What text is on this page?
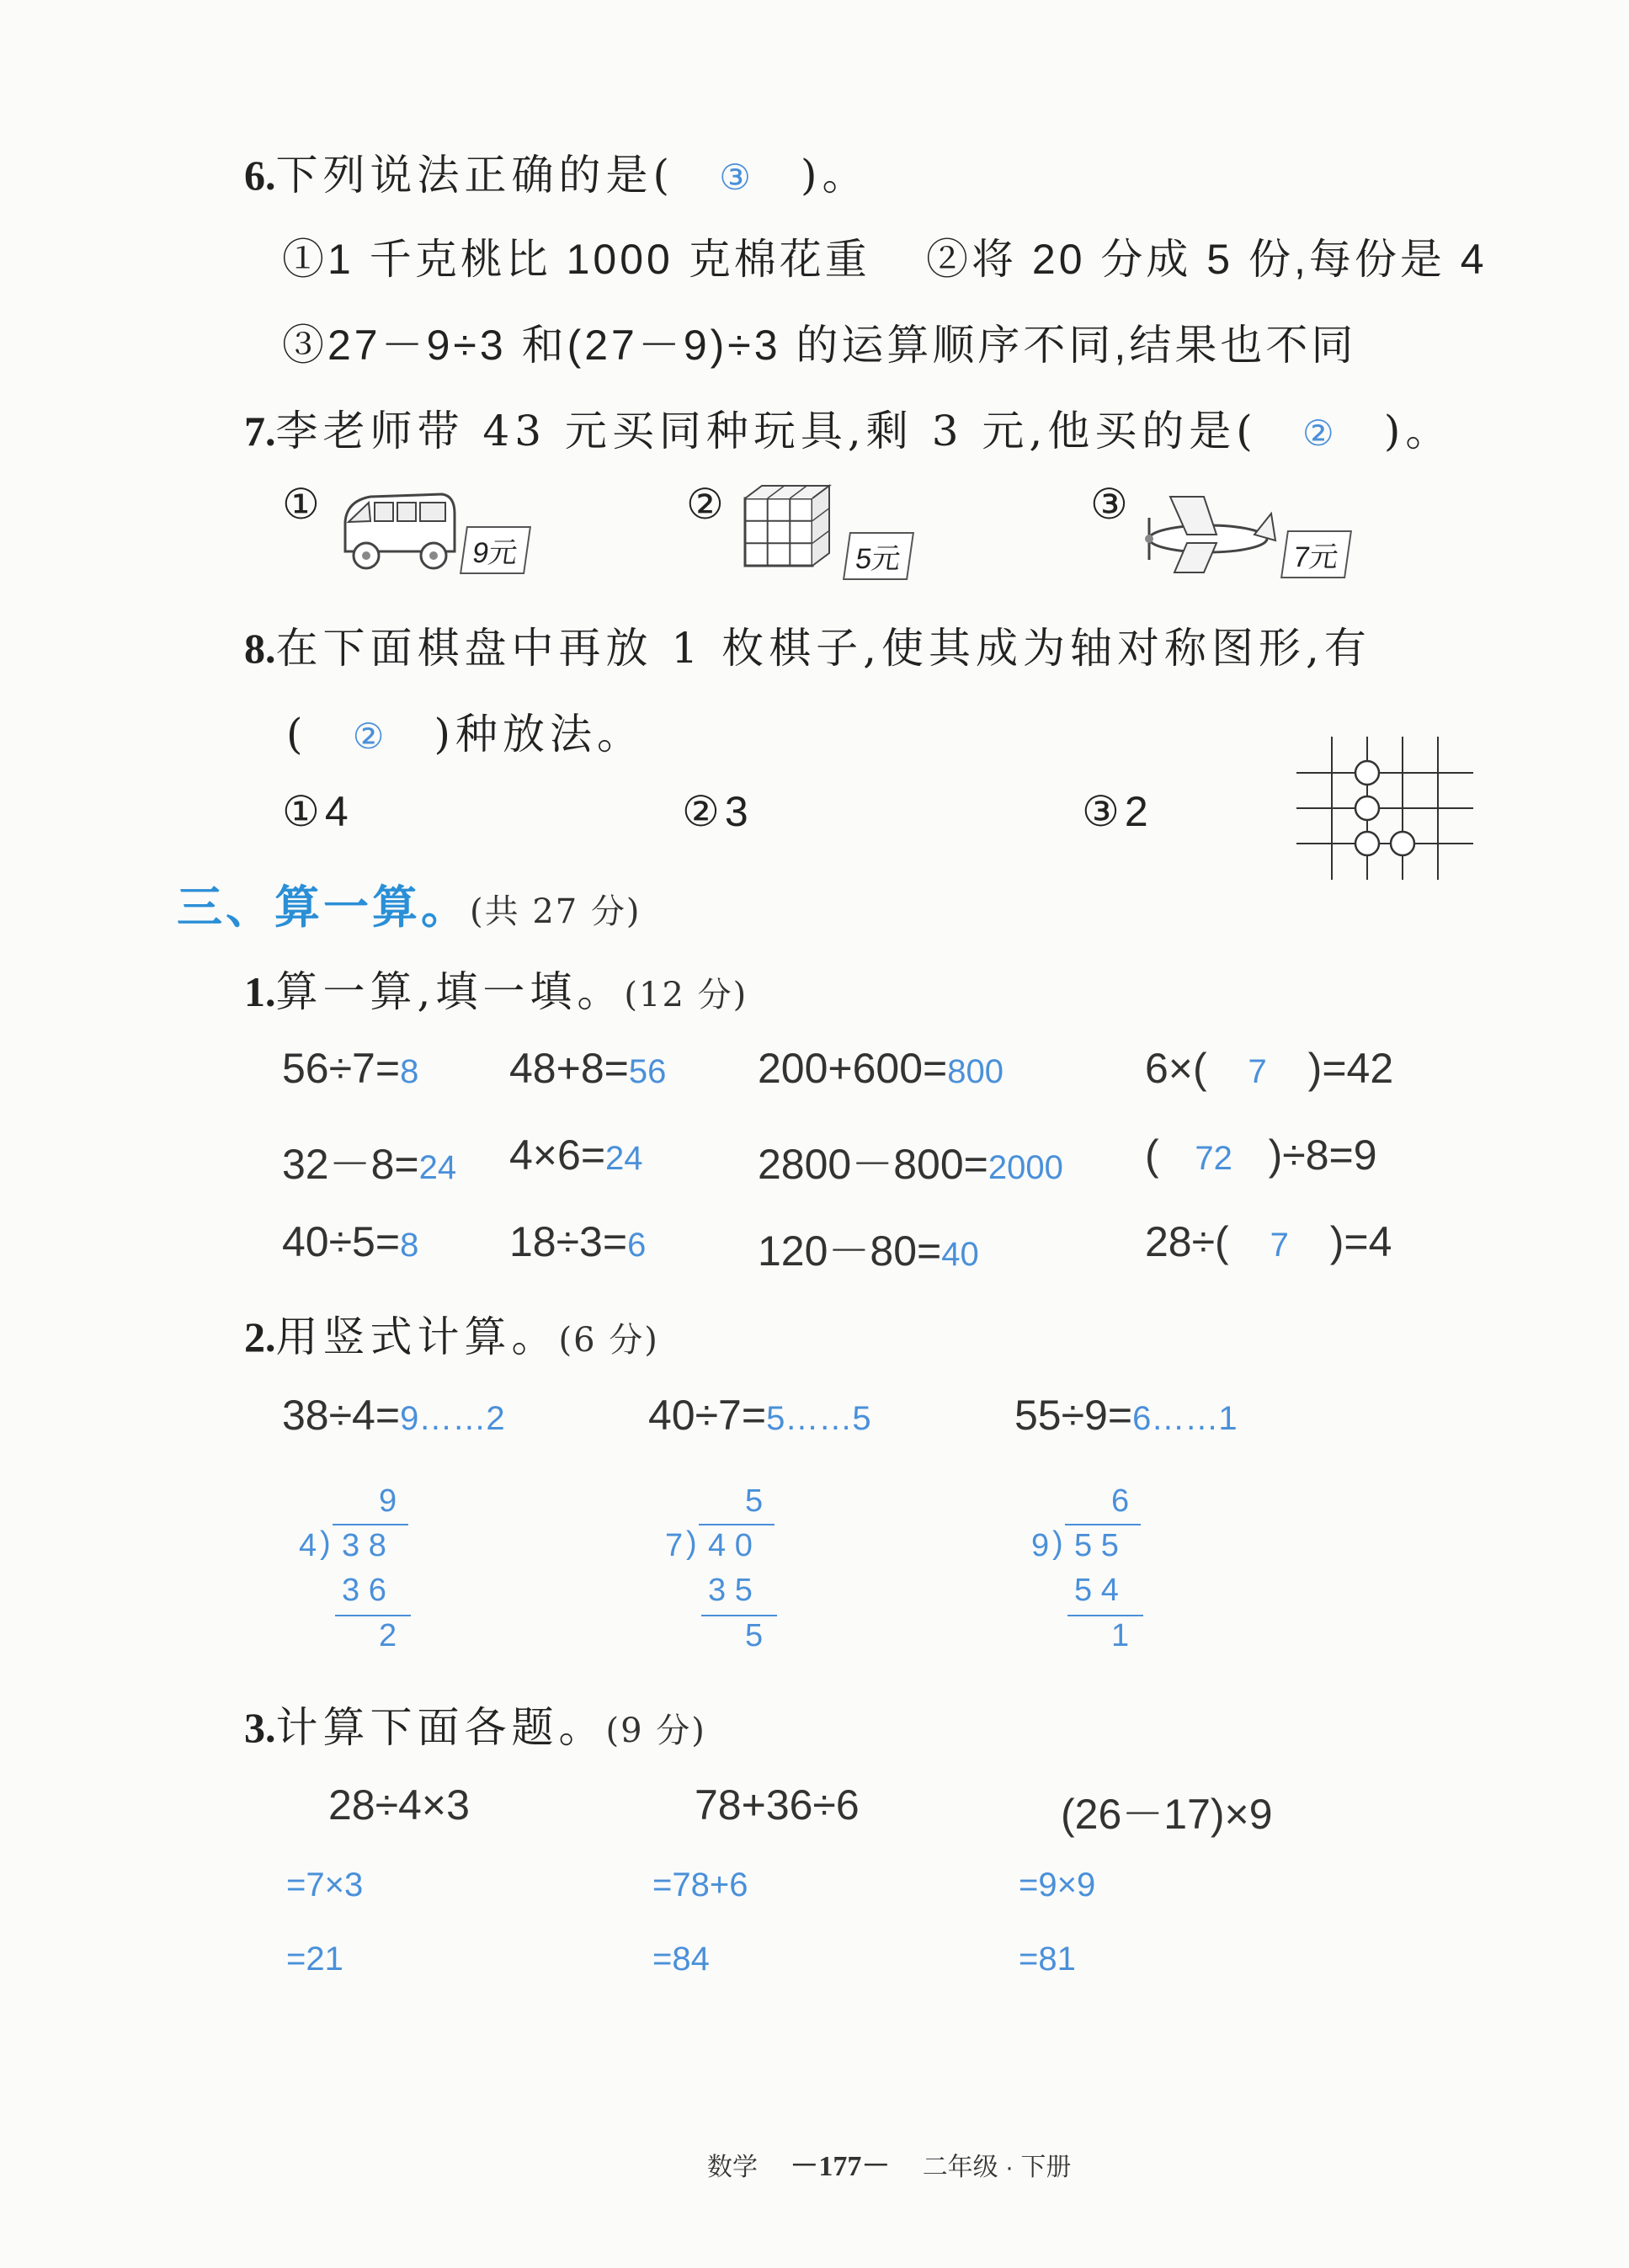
6.下列说法正确的是( ③ )。
①1 千克桃比 1000 克棉花重 ②将 20 分成 5 份,每份是 4
③27－9÷3 和(27－9)÷3 的运算顺序不同,结果也不同
7.李老师带 43 元买同种玩具,剩 3 元,他买的是( ② )。
①
9元
②
5元
③
7元
8.在下面棋盘中再放 1 枚棋子,使其成为轴对称图形,有
( ② )种放法。
①4	②3	③2
三、算一算。(共 27 分)
1.算一算,填一填。(12 分)
56÷7=8 48+8=56 200+600=800	6×( 7 )=42
32－8=24 4×6=24	2800－800=2000 ( 72 )÷8=9
40÷5=8 18÷3=6	120－80=40	28÷( 7 )=4
2.用竖式计算。(6 分)
38÷4=9……2	40÷7=5……5	55÷9=6……1
9
4 ) 3 8
3 6
2
5
7 ) 4 0
3 5
5
6
9 ) 5 5
5 4
1
3.计算下面各题。(9 分)
28÷4×3	78+36÷6	(26－17)×9
=7×3	=78+6	=9×9
=21	=84	=81
数学 －177－ 二年级 · 下册
